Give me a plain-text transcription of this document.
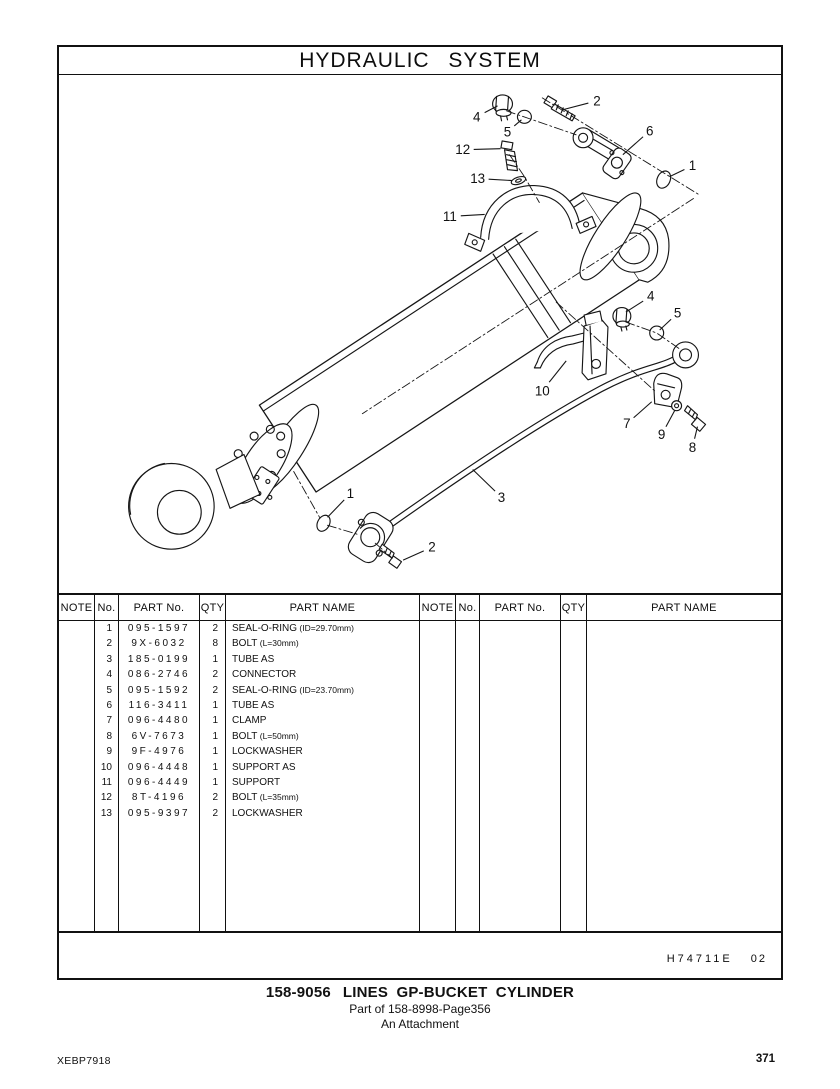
HYDRAULIC SYSTEM
2
4
5	6
1
12
13
11
4
5
10
7
9
8
1	3
2
NOTE No.	PART No.	QTY	PART NAME	NOTE No.	PART No.	QTY	PART NAME
1	095-1597	2	SEAL-O-RING (ID=29.70mm)
2	9X-6032	8	BOLT (L=30mm)
3	185-0199	1	TUBE AS
4	086-2746	2	CONNECTOR
5	095-1592	2	SEAL-O-RING (ID=23.70mm)
6	116-3411	1	TUBE AS
7	096-4480	1	CLAMP
8	6V-7673	1	BOLT (L=50mm)
9	9F-4976	1	LOCKWASHER
10	096-4448	1	SUPPORT AS
11	096-4449	1	SUPPORT
12	8T-4196	2	BOLT (L=35mm)
13	095-9397	2	LOCKWASHER
H74711E 02
158-9056 LINES GP-BUCKET CYLINDER
Part of 158-8998-Page356
An Attachment
XEBP7918	371
